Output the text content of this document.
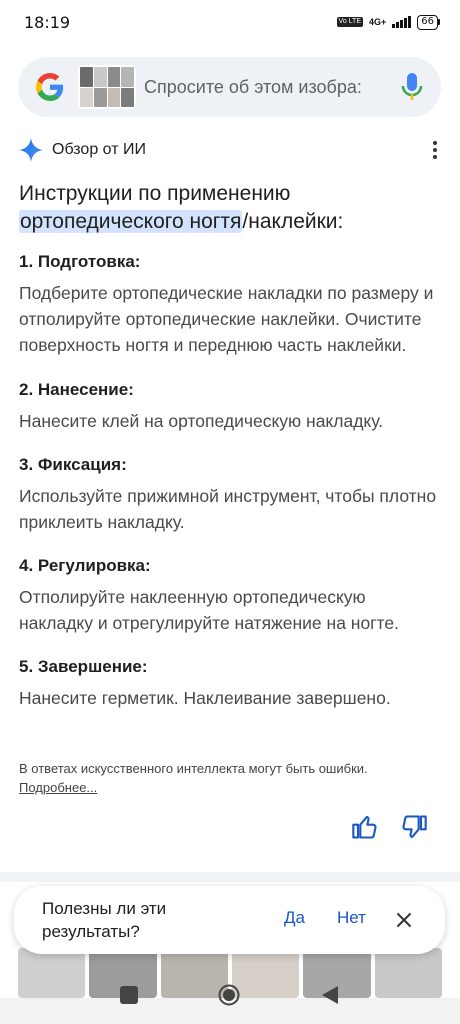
18:19	Vo LTE 4G+	66
Спросите об этом изобра:
Обзор от ИИ
Инструкции по применению ортопедического ногтя/наклейки:
1. Подготовка:
Подберите ортопедические накладки по размеру и отполируйте ортопедические наклейки. Очистите поверхность ногтя и переднюю часть наклейки.
2. Нанесение:
Нанесите клей на ортопедическую накладку.
3. Фиксация:
Используйте прижимной инструмент, чтобы плотно приклеить накладку.
4. Регулировка:
Отполируйте наклеенную ортопедическую накладку и отрегулируйте натяжение на ногте.
5. Завершение:
Нанесите герметик. Наклеивание завершено.
В ответах искусственного интеллекта могут быть ошибки.
Подробнее...
Полезны ли эти результаты?
Да Нет
